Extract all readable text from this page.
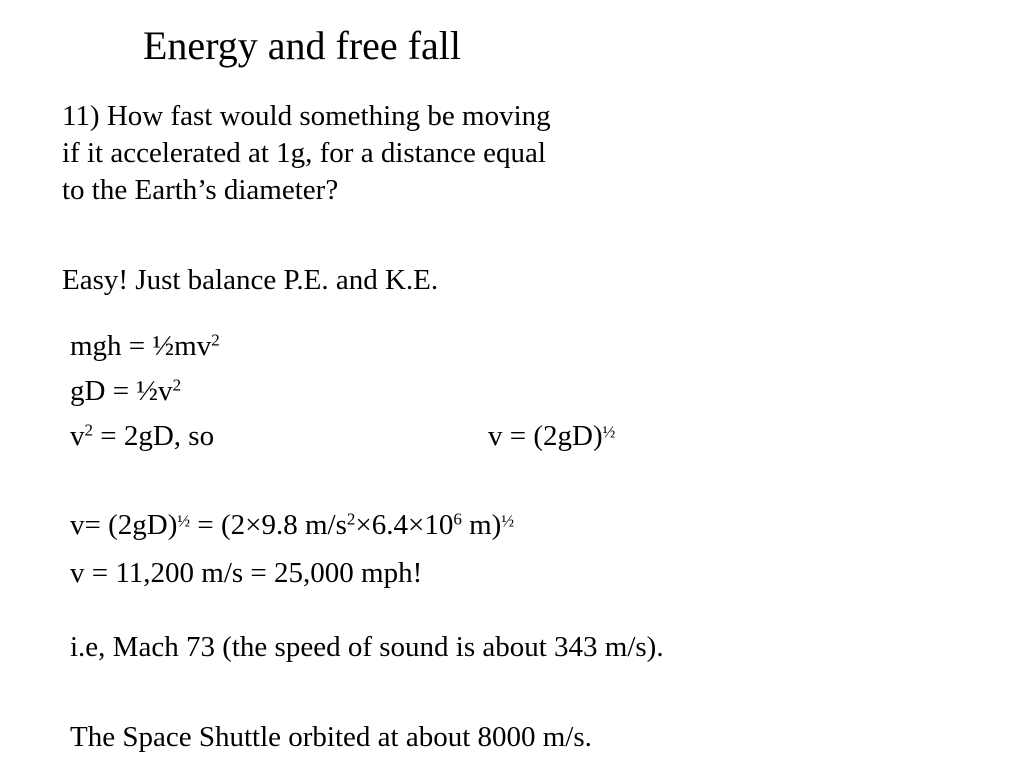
Energy and free fall
11) How fast would something be moving
if it accelerated at 1g, for a distance equal
to the Earth’s diameter?
Easy! Just balance P.E. and K.E.
mgh = $\frac{1}{2}mv^2$
gD = $\frac{1}{2}v^2$
$v^2 = 2gD$, so	$v = (2gD)^{\frac{1}{2}}$
$v= (2gD)^{\frac{1}{2}} = (2\times 9.8$ $m/s^2\times 6.4\times 10^6$ m)$^{\frac{1}{2}}$
v = 11,200 m/s = 25,000 mph!
i.e, Mach 73 (the speed of sound is about 343 m/s).
The Space Shuttle orbited at about 8000 m/s.
